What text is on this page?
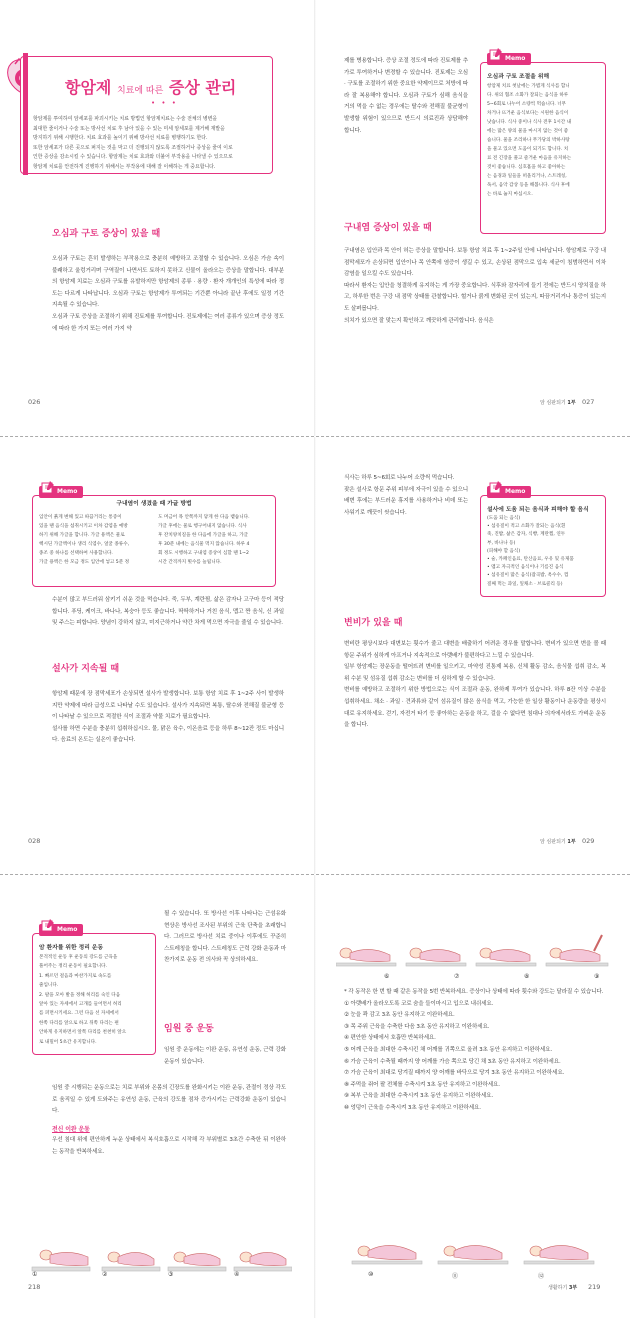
항암제 치료에 따른 증상 관리
• • •
항암제를 투여하여 암세포를 파괴시키는 치료 방법인 항암제치료는 수술 전체의 병변을
최대한 줄이거나 수술 또는 방사선 치료 후 남아 있을 수 있는 미세 암세포를 제거해 재발을
방지하기 위해 시행한다. 치료 효과를 높이기 위해 방사선 치료를 병행하기도 한다.
또한 암세포가 다른 곳으로 퍼지는 것을 막고 더 진행되지 않도록 조절하거나 증상을 줄여 이로
인한 증상을 감소시킬 수 있습니다. 항암제는 치료 효과와 더불어 부작용을 나타낼 수 있으므로
항암제 치료를 안전하게 진행하기 위해서는 부작용에 대해 잘 이해하는 게 중요합니다.
오심과 구토 증상이 있을 때

오심과 구토는 흔히 발생하는 부작용으로 충분히 예방하고 조절할 수 있습니다. 오심은 가슴 속이 불쾌하고 울렁거리며 구역질이 나면서도 토하지 못하고 신물이 올라오는 증상을 말합니다. 대부분의 항암제 치료는 오심과 구토를 유발하지만 항암제의 종류 · 용량 · 환자 개개인의 특성에 따라 정도는 다르게 나타납니다. 오심과 구토는 항암제가 투여되는 기간뿐 아니라 끝난 후에도 일정 기간 지속될 수 있습니다.

오심과 구토 증상을 조절하기 위해 진토제를 투여합니다. 진토제에는 여러 종류가 있으며 증상 정도에 따라 한 가지 또는 여러 가지 약

026

제를 병용합니다. 증상 조절 정도에 따라 진토제를 추가로 투여하거나 변경할 수 있습니다. 진토제는 오심 · 구토를 조절하기 위한 중요한 약제이므로 처방에 따라 잘 복용해야 합니다. 오심과 구토가 심해 음식을 거의 먹을 수 없는 경우에는 탈수와 전해질 불균형이 발생할 위험이 있으므로 반드시 의료진과 상담해야 합니다.

Memo
오심과 구토 조절을 위해
항암제 치료 첫날에는 가볍게 식사를 합니
다. 위의 협조 소화가 잘되는 음식을 하루
5~6회로 나누어 소량씩 먹습니다. 너무
차거나 뜨거운 음식보다는 시원한 음식이
낫습니다. 식사 중이나 식사 전후 1시간 내
에는 많은 양의 물을 마시지 않는 것이 좋
습니다. 물을 조리하나 무가당의 박하사탕
을 물고 있으면 도움이 되기도 합니다. 치
료 전 긴장을 풀고 즐거운 마음을 유지하는
것이 좋습니다. 심호흡을 하고 좋아하는
는 음경과 일들을 떠올리거나, 스트레칭,
독서, 음악 감상 등을 해봅니다. 식사 후에
는 바로 눕지 마십시오.
구내염 증상이 있을 때

구내염은 입안과 목 안이 허는 증상을 말합니다. 보통 항암 치료 후 1~2주일 안에 나타납니다. 항암제로 구강 내 점막세포가 손상되면 입안이나 목 안쪽에 염증이 생길 수 있고, 손상된 점막으로 입속 세균이 침범하면서 이차 감염을 일으킬 수도 있습니다.

따라서 환자는 입안을 청결하게 유지하는 게 가장 중요합니다. 식후와 잠자리에 들기 전에는 반드시 양치질을 하고, 하루한 번은 구강 내 점막 상태를 관찰합니다. 헐거나 붉게 변화된 곳이 있는지, 따끔거리거나 통증이 있는지도 살펴봅니다.

의치가 있으면 잘 맞는지 확인하고 깨끗하게 관리합니다. 음식은

암 심판되기 1부 027
Memo
구내염이 생겼을 때 가글 방법
입안이 붉게 변해 있고 따끔거리는 통증이
있을 땐 음식을 섭취시키고 이차 감염을 예방
하기 위해 가글을 합니다. 가글 용액은 물로
헥시딘 가글액이나 생리 식염수, 얼굴 종류수,
종조 중 하나를 선택하여 사용합니다.
가글 용액은 한 모금 정도 입안에 넣고 5분 정
도 머금어 목 안쪽까지 닿게 한 다음 뱉습니다.
가글 후에는 물로 헹구어내지 않습니다. 식사
후 잔치양치질을 한 다음에 가글을 하고, 가글
후 30분 내에는 음식물 먹지 않습니다. 하루 4
회 정도 시행하고 구내염 증상이 심할 땐 1~2
시간 간격까지 횟수를 늘립니다.

수분이 많고 부드러워 삼키기 쉬운 것을 먹습니다. 죽, 두부, 계란찜, 삶은 감자나 고구마 등이 적당합니다. 푸딩, 케이크, 바나나, 복숭아 등도 좋습니다. 딱딱하거나 거친 음식, 맵고 짠 음식, 신 과일 및 주스는 피합니다. 양념이 강하지 않고, 미지근하거나 약간 차게 먹으면 자극을 줄일 수 있습니다.

설사가 지속될 때

항암제 때문에 장 점막세포가 손상되면 설사가 발생합니다. 보통 항암 치료 후 1~2주 사이 발생하지만 약제에 따라 급성으로 나타날 수도 있습니다. 설사가 지속되면 복통, 탈수와 전해질 불균형 등이 나타날 수 있으므로 적절한 식이 조절과 약물 치료가 필요합니다.

설사를 하면 수분을 충분히 섭취하십시오. 물, 맑은 육수, 이온음료 등을 하루 8~12잔 정도 마십니다. 음료의 온도는 실온이 좋습니다.

028

식사는 하루 5~6회로 나누어 소량씩 먹습니다.

잦은 설사로 항문 주위 피부에 자극이 있을 수 있으니 배변 후에는 부드러운 휴지를 사용하거나 비데 또는 사워기로 깨끗이 씻습니다.

Memo
설사에 도움 되는 음식과 피해야 할 음식
(도움 되는 음식)
• 섬유질이 적고 소화가 잘되는 음식(흰
죽, 진밥, 삶은 감자, 식빵, 계란찜, 연두
부, 바나나 등)
(피해야 할 음식)
• 술, 카페인음료, 탄산음료, 우유 및 유제품
• 맵고 자극적인 음식이나 기름진 음식
• 섬유질이 많은 음식(잡곡밥, 옥수수, 껍
질째 먹는 과일, 잎채소 · 브로콜리 등)
변비가 있을 때

변비란 평상시보다 대변보는 횟수가 줄고 대변을 배출하기 어려운 경우를 말합니다. 변비가 있으면 변을 볼 때 항문 주위가 심하게 아프거나 지속적으로 아랫배가 불편하다고 느낄 수 있습니다.

일부 항암제는 장운동을 떨어뜨려 변비를 일으키고, 마약성 진통제 복용, 신체 활동 감소, 음식물 섭취 감소, 복위 수분 및 섬유질 섭취 감소는 변비를 더 심하게 할 수 있습니다.

변비를 예방하고 조절하기 위한 방법으로는 식이 조절과 운동, 완하제 투여가 있습니다. 하루 8잔 이상 수분을 섭취하세요. 채소 · 과일 · 견과류와 같이 섬유질이 많은 음식을 먹고, 가능한 한 일상 활동이나 운동량을 평상시대로 유지하세요. 걷기, 자전거 타기 등 좋아하는 운동을 하고, 걸을 수 없다면 침대나 의자에서라도 가벼운 운동을 합니다.

암 심판되기 1부 029
Memo
암 환자를 위한 정리 운동
본격적인 운동 후 운동의 강도를 근육을
풀어주는 정리 운동이 필요합니다.
1. 빠르던 걸음과 마찬가지로 속도를
줄입니다.
2. 팔을 모아 발을 정해 허리를 숙인 다음
앞아 있는 자세에서 고개를 들어면서 허리
를 퍼면시키세요. 그런 다음 선 자세에서
한쪽 다리를 앞으로 하고 뒤쪽 다리는 편
안하게 유지하면서 앞쪽 다리를 천천히 앞으
로 내밀어 5초간 유지합니다.

될 수 있습니다. 또 방사선 이후 나타나는 근섬유화 현상은 방사선 조사된 부위의 근육 단축을 초래합니다. 그러므로 방사선 치료 중이나 이후에도 꾸준히 스트레칭을 합니다. 스트레칭도 근력 강화 운동과 마찬가지로 운동 전 의사와 꼭 상의하세요.

임원 중 운동

임원 중 운동에는 이완 운동, 유연성 운동, 근력 강화 운동이 있습니다.

임원 중 시행되는 운동으로는 치료 부위와 온몸의 긴장도를 완화시키는 이완 운동, 관절이 정상 각도로 움직일 수 있게 도와주는 유연성 운동, 근육의 강도를 점차 증가시키는 근력강화 운동이 있습니다.

전신 이완 운동

우선 침대 위에 편안하게 누운 상태에서 복식호흡으로 시작해 각 부위별로 3초간 수축한 뒤 이완하는 동작을 반복하세요.

①	②	③	④
218
⑥	⑦	⑧	⑨

* 각 동작은 한 번 할 때 같은 동작을 5번 반복하세요. 증상이나 상태에 따라 횟수와 강도는 달라질 수 있습니다.

① 아랫배가 올라오도록 코로 숨을 들이마시고 입으로 내쉬세요.

② 눈을 꽉 감고 3초 동안 유지하고 이완하세요.

③ 목 주위 근육을 수축한 다음 3초 동안 유지하고 이완하세요.

④ 편안한 상태에서 호흡만 반복하세요.

⑤ 어깨 근육을 최대한 수축시킨 채 어깨를 귀쪽으로 올려 3초 동안 유지하고 이완하세요.

⑥ 가슴 근육이 수축될 때까지 양 어깨를 가슴 쪽으로 당긴 채 3초 동안 유지하고 이완하세요.

⑦ 가슴 근육이 최대로 당겨질 때까지 양 어깨를 바닥으로 당겨 3초 동안 유지하고 이완하세요.

⑧ 주먹을 쥐어 팔 전체를 수축시켜 3초 동안 유지하고 이완하세요.

⑨ 복부 근육을 최대한 수축시켜 3초 동안 유지하고 이완하세요.

⑩ 엉덩이 근육을 수축시켜 3초 동안 유지하고 이완하세요.

⑩	⑪	⑫
생활하기 3부 219
